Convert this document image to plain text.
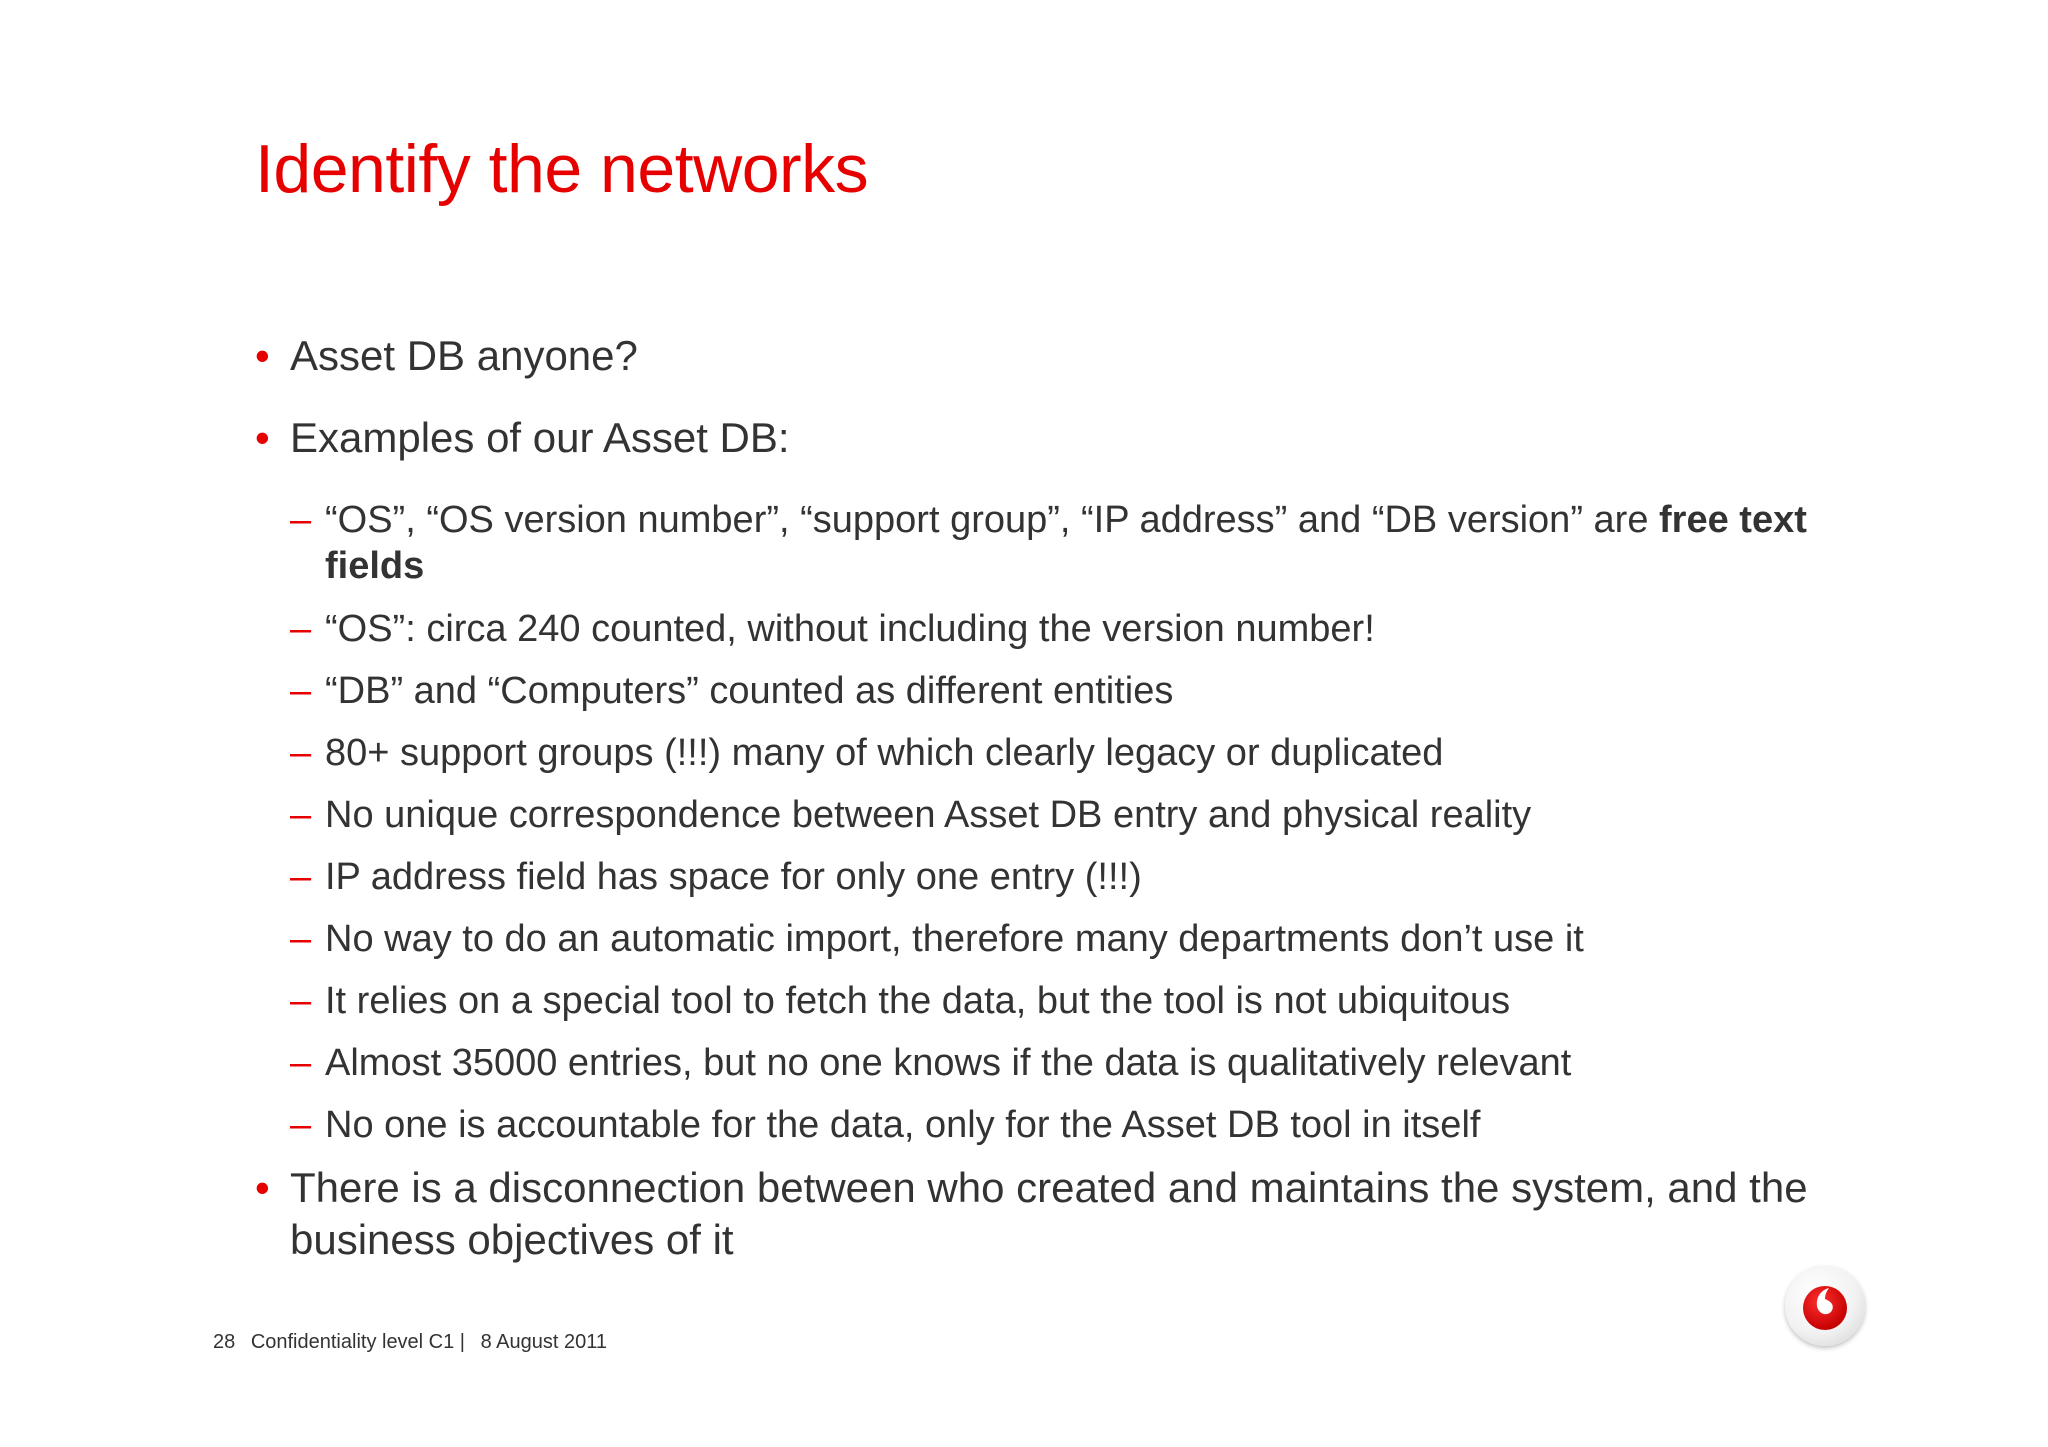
Identify the networks
• Asset DB anyone?
• Examples of our Asset DB:
– “OS”, “OS version number”, “support group”, “IP address” and “DB version” are free text fields
– “OS”: circa 240 counted, without including the version number!
– “DB” and “Computers” counted as different entities
– 80+ support groups (!!!) many of which clearly legacy or duplicated
– No unique correspondence between Asset DB entry and physical reality
– IP address field has space for only one entry (!!!)
– No way to do an automatic import, therefore many departments don’t use it
– It relies on a special tool to fetch the data, but the tool is not ubiquitous
– Almost 35000 entries, but no one knows if the data is qualitatively relevant
– No one is accountable for the data, only for the Asset DB tool in itself
• There is a disconnection between who created and maintains the system, and the business objectives of it
28 Confidentiality level C1 | 8 August 2011
